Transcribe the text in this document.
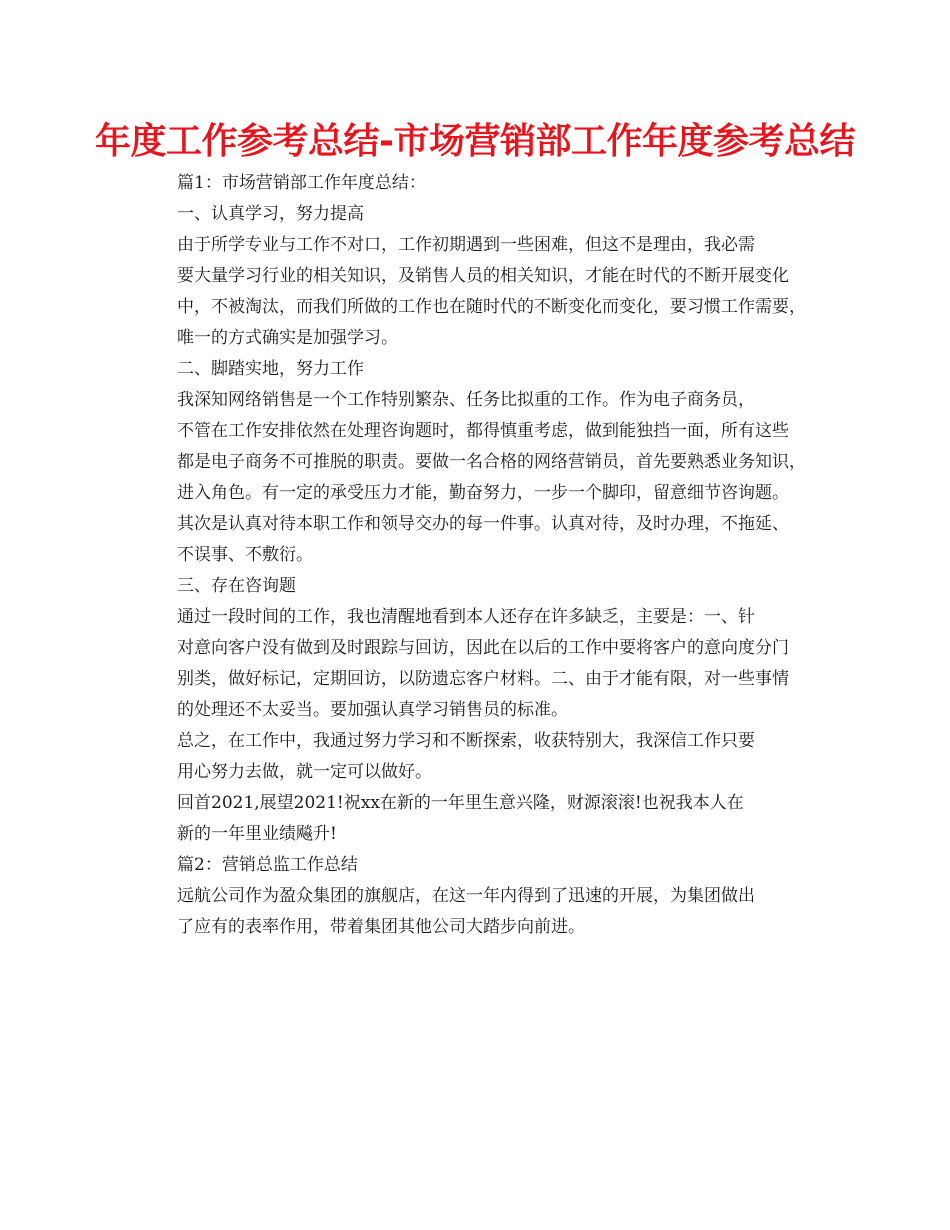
年度工作参考总结-市场营销部工作年度参考总结

篇1：市场营销部工作年度总结：

一、认真学习，努力提高

由于所学专业与工作不对口，工作初期遇到一些困难，但这不是理由，我必需
要大量学习行业的相关知识，及销售人员的相关知识，才能在时代的不断开展变化
中，不被淘汰，而我们所做的工作也在随时代的不断变化而变化，要习惯工作需要，
唯一的方式确实是加强学习。

二、脚踏实地，努力工作

我深知网络销售是一个工作特别繁杂、任务比拟重的工作。作为电子商务员，
不管在工作安排依然在处理咨询题时，都得慎重考虑，做到能独挡一面，所有这些
都是电子商务不可推脱的职责。要做一名合格的网络营销员，首先要熟悉业务知识，
进入角色。有一定的承受压力才能，勤奋努力，一步一个脚印，留意细节咨询题。
其次是认真对待本职工作和领导交办的每一件事。认真对待，及时办理，不拖延、
不误事、不敷衍。

三、存在咨询题

通过一段时间的工作，我也清醒地看到本人还存在许多缺乏，主要是：一、针
对意向客户没有做到及时跟踪与回访，因此在以后的工作中要将客户的意向度分门
别类，做好标记，定期回访，以防遗忘客户材料。二、由于才能有限，对一些事情
的处理还不太妥当。要加强认真学习销售员的标准。

总之，在工作中，我通过努力学习和不断探索，收获特别大，我深信工作只要
用心努力去做，就一定可以做好。

回首2021,展望2021!祝xx在新的一年里生意兴隆，财源滚滚!也祝我本人在
新的一年里业绩飚升!

篇2：营销总监工作总结

远航公司作为盈众集团的旗舰店，在这一年内得到了迅速的开展，为集团做出
了应有的表率作用，带着集团其他公司大踏步向前进。
